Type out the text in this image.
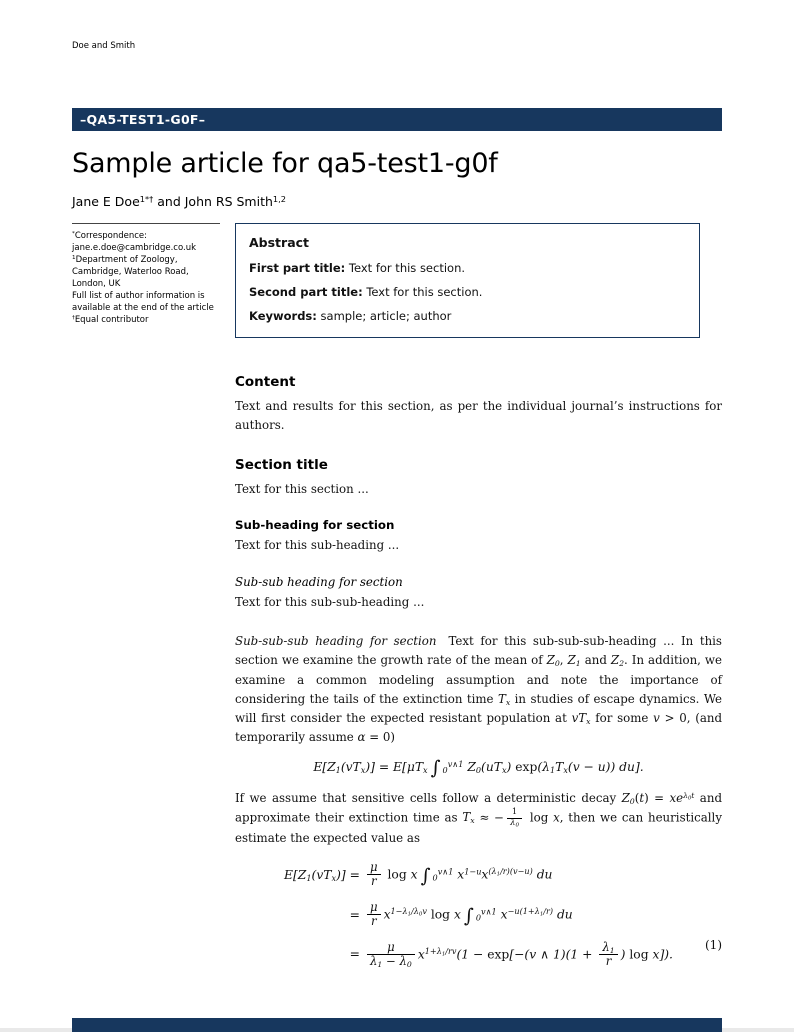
Doe and Smith
–QA5-TEST1-G0F–
Sample article for qa5-test1-g0f
Jane E Doe$^{1*\dagger}$ and John RS Smith$^{1,2}$
*Correspondence:
jane.e.doe@cambridge.co.uk
$^1$Department of Zoology,
Cambridge, Waterloo Road,
London, UK
Full list of author information is
available at the end of the article
†Equal contributor
Abstract

First part title: Text for this section.

Second part title: Text for this section.

Keywords: sample; article; author

Content

Text and results for this section, as per the individual journal’s instructions for authors.

Section title

Text for this section ...

Sub-heading for section

Text for this sub-heading ...

Sub-sub heading for section

Text for this sub-sub-heading ...

Sub-sub-sub heading for section Text for this sub-sub-sub-heading ... In this section we examine the growth rate of the mean of $Z_0$, $Z_1$ and $Z_2$. In addition, we examine a common modeling assumption and note the importance of considering the tails of the extinction time $T_x$ in studies of escape dynamics. We will first consider the expected resistant population at $vT_x$ for some v > 0, (and temporarily assume α = 0)

$E[Z_1(vT_x)] = E[\mu T_x$ ∫ $_0^{v\wedge 1}$ $Z_0(uT_x) \exp(\lambda_1T_x(v - u))$ du].

If we assume that sensitive cells follow a deterministic decay $Z_0(t) = xe^{\lambda_0t}$ and approximate their extinction time as $T_x$ ≈ − $\frac{1}{\lambda_0}$ log x, then we can heuristically estimate the expected value as

$E[Z_1(vT_x)]$	=	$\frac{\mu}{r}$ log x ∫ $_0^{v\wedge 1}$ $x^{1-u}x^{(\lambda_1/r)(v-u)}$ du
	=	$\frac{\mu}{r} x^{1-\lambda_1/\lambda_0v}$ log x ∫ $_0^{v\wedge 1}$ $x^{-u(1+\lambda_1/r)}$ du
	=	$\frac{\mu}{\lambda_1 - \lambda_0} x^{1+\lambda_1/rv}(1 - \exp[-(v$ ∧ $1)(1 + \frac{\lambda_1}{r}$ ) log x]).
(1)
